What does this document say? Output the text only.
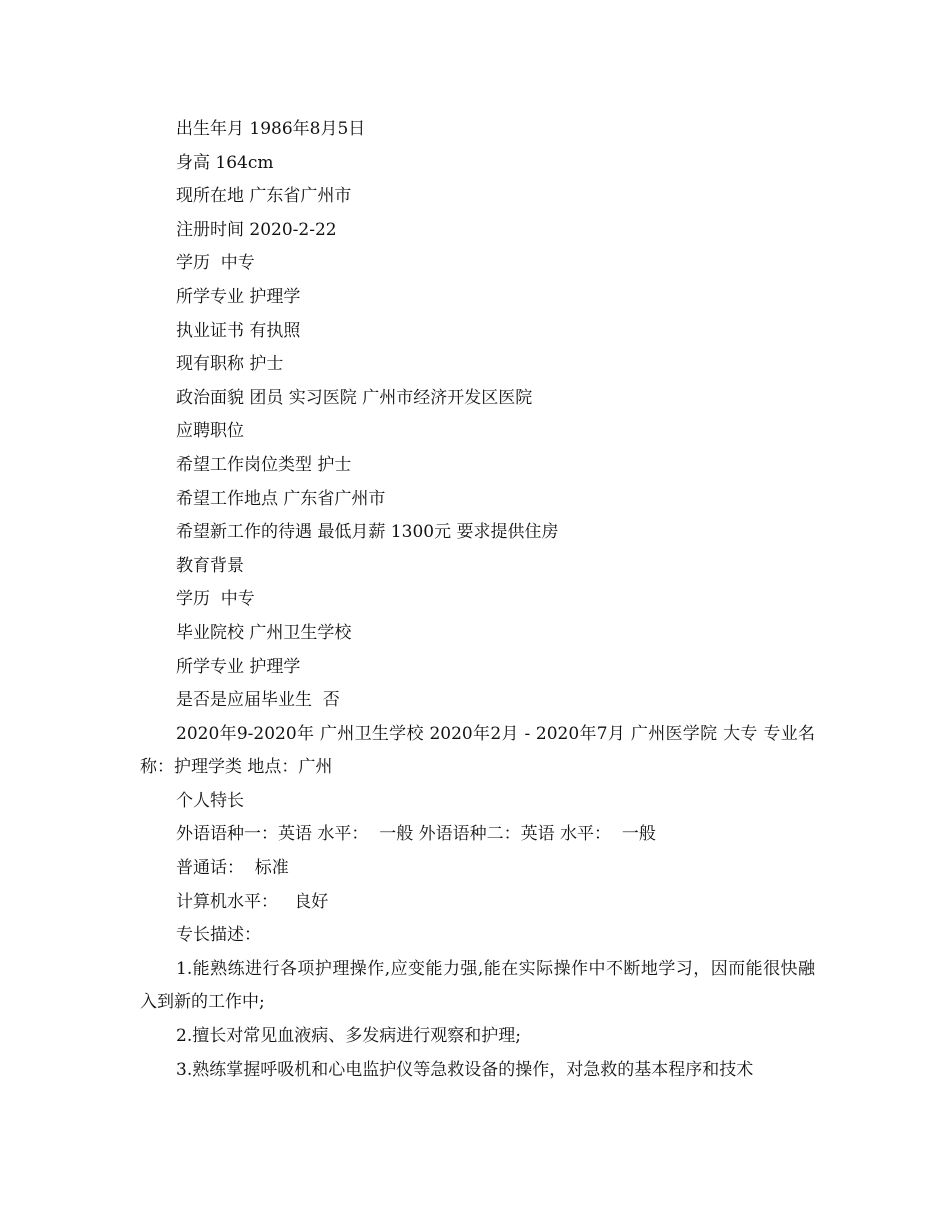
出生年月 1986年8月5日

身高 164cm

现所在地 广东省广州市

注册时间 2020-2-22

学历  中专

所学专业 护理学

执业证书 有执照

现有职称 护士

政治面貌 团员 实习医院 广州市经济开发区医院

应聘职位

希望工作岗位类型 护士

希望工作地点 广东省广州市

希望新工作的待遇 最低月薪 1300元 要求提供住房

教育背景

学历  中专

毕业院校 广州卫生学校

所学专业 护理学

是否是应届毕业生  否

2020年9-2020年 广州卫生学校 2020年2月 - 2020年7月 广州医学院 大专 专业名称：护理学类 地点：广州

个人特长

外语语种一：英语 水平：  一般 外语语种二：英语 水平：  一般

普通话：  标准

计算机水平：   良好

专长描述：

1.能熟练进行各项护理操作,应变能力强,能在实际操作中不断地学习，因而能很快融入到新的工作中;

2.擅长对常见血液病、多发病进行观察和护理;

3.熟练掌握呼吸机和心电监护仪等急救设备的操作，对急救的基本程序和技术
